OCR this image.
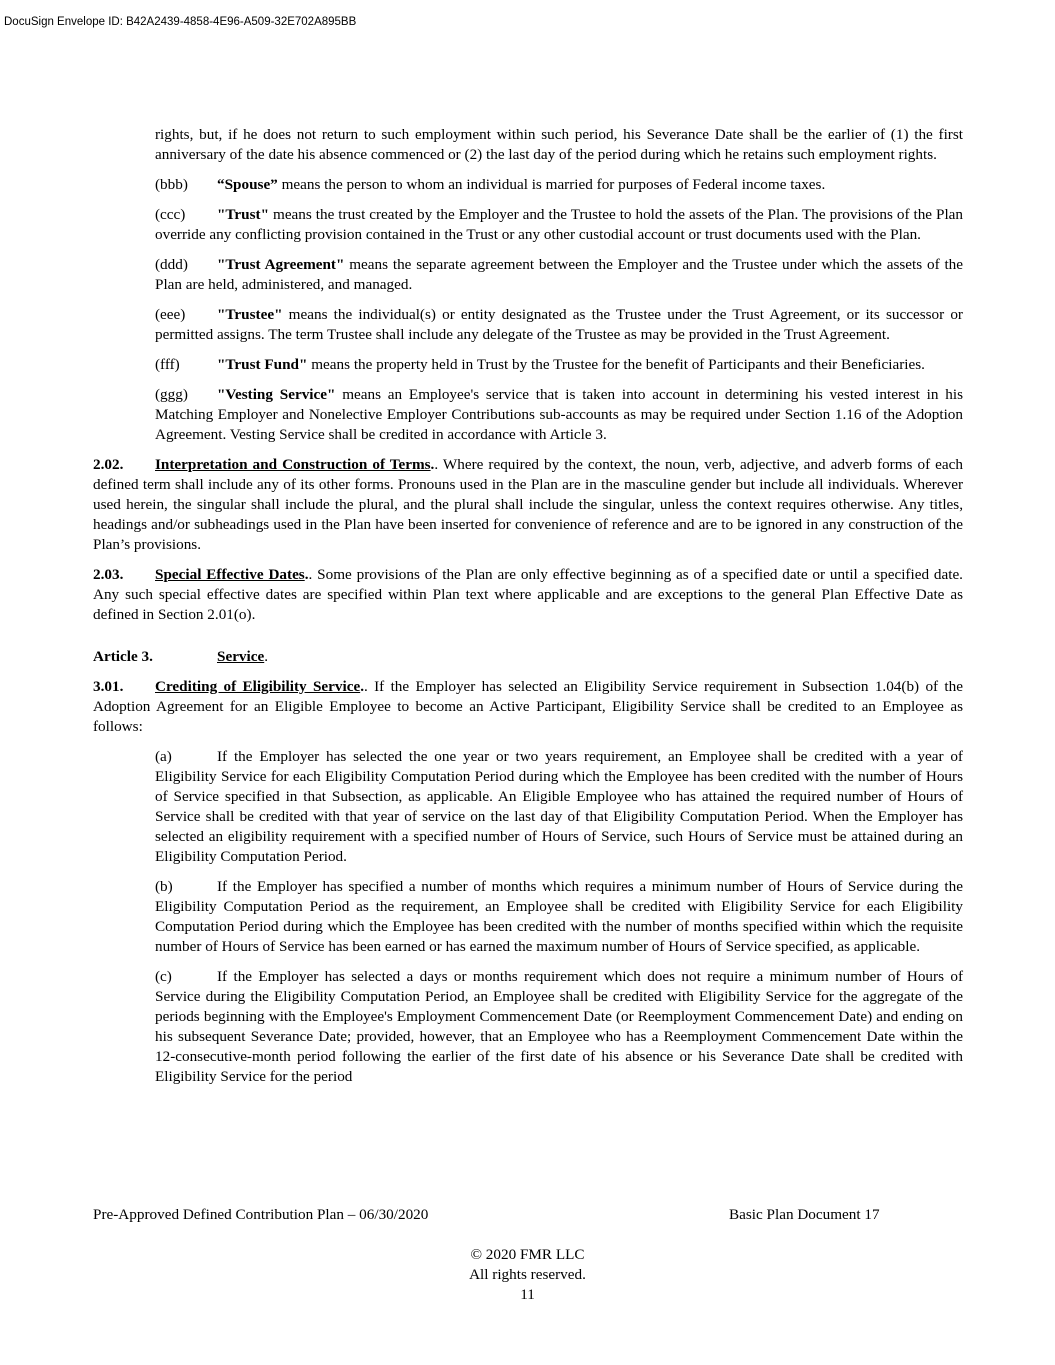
DocuSign Envelope ID: B42A2439-4858-4E96-A509-32E702A895BB
rights, but, if he does not return to such employment within such period, his Severance Date shall be the earlier of (1) the first anniversary of the date his absence commenced or (2) the last day of the period during which he retains such employment rights.
(bbb) “Spouse” means the person to whom an individual is married for purposes of Federal income taxes.
(ccc) "Trust" means the trust created by the Employer and the Trustee to hold the assets of the Plan. The provisions of the Plan override any conflicting provision contained in the Trust or any other custodial account or trust documents used with the Plan.
(ddd) "Trust Agreement" means the separate agreement between the Employer and the Trustee under which the assets of the Plan are held, administered, and managed.
(eee) "Trustee" means the individual(s) or entity designated as the Trustee under the Trust Agreement, or its successor or permitted assigns. The term Trustee shall include any delegate of the Trustee as may be provided in the Trust Agreement.
(fff) "Trust Fund" means the property held in Trust by the Trustee for the benefit of Participants and their Beneficiaries.
(ggg) "Vesting Service" means an Employee's service that is taken into account in determining his vested interest in his Matching Employer and Nonelective Employer Contributions sub-accounts as may be required under Section 1.16 of the Adoption Agreement. Vesting Service shall be credited in accordance with Article 3.
2.02. Interpretation and Construction of Terms.. Where required by the context, the noun, verb, adjective, and adverb forms of each defined term shall include any of its other forms. Pronouns used in the Plan are in the masculine gender but include all individuals. Wherever used herein, the singular shall include the plural, and the plural shall include the singular, unless the context requires otherwise. Any titles, headings and/or subheadings used in the Plan have been inserted for convenience of reference and are to be ignored in any construction of the Plan’s provisions.
2.03. Special Effective Dates.. Some provisions of the Plan are only effective beginning as of a specified date or until a specified date. Any such special effective dates are specified within Plan text where applicable and are exceptions to the general Plan Effective Date as defined in Section 2.01(o).
Article 3.	Service.
3.01. Crediting of Eligibility Service.. If the Employer has selected an Eligibility Service requirement in Subsection 1.04(b) of the Adoption Agreement for an Eligible Employee to become an Active Participant, Eligibility Service shall be credited to an Employee as follows:
(a)	If the Employer has selected the one year or two years requirement, an Employee shall be credited with a year of Eligibility Service for each Eligibility Computation Period during which the Employee has been credited with the number of Hours of Service specified in that Subsection, as applicable. An Eligible Employee who has attained the required number of Hours of Service shall be credited with that year of service on the last day of that Eligibility Computation Period. When the Employer has selected an eligibility requirement with a specified number of Hours of Service, such Hours of Service must be attained during an Eligibility Computation Period.
(b)	If the Employer has specified a number of months which requires a minimum number of Hours of Service during the Eligibility Computation Period as the requirement, an Employee shall be credited with Eligibility Service for each Eligibility Computation Period during which the Employee has been credited with the number of months specified within which the requisite number of Hours of Service has been earned or has earned the maximum number of Hours of Service specified, as applicable.
(c)	If the Employer has selected a days or months requirement which does not require a minimum number of Hours of Service during the Eligibility Computation Period, an Employee shall be credited with Eligibility Service for the aggregate of the periods beginning with the Employee's Employment Commencement Date (or Reemployment Commencement Date) and ending on his subsequent Severance Date; provided, however, that an Employee who has a Reemployment Commencement Date within the 12-consecutive-month period following the earlier of the first date of his absence or his Severance Date shall be credited with Eligibility Service for the period
Pre-Approved Defined Contribution Plan – 06/30/2020	Basic Plan Document 17
© 2020 FMR LLC
All rights reserved.
11
